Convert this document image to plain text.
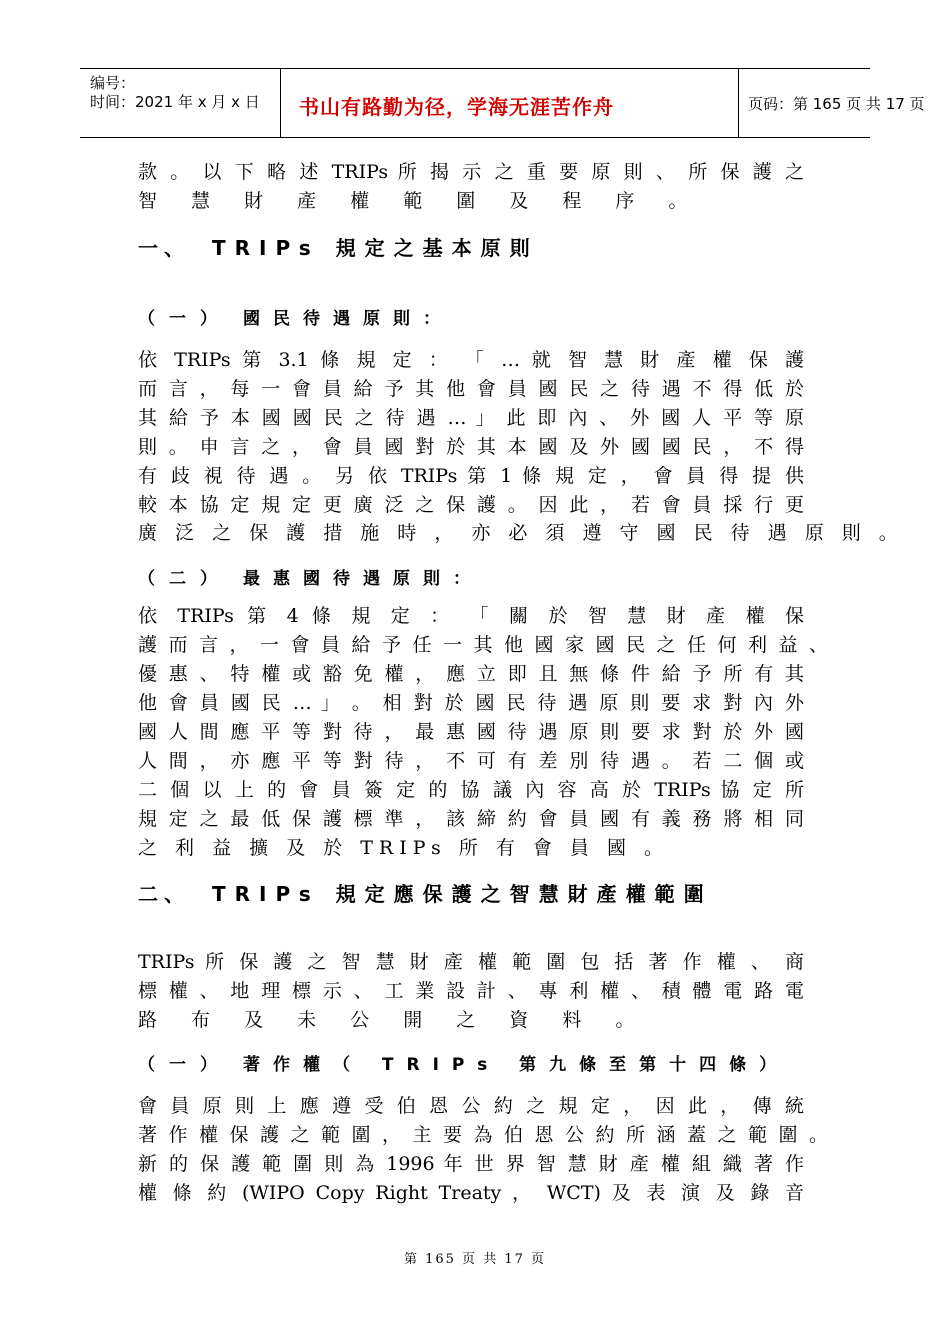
编号：
时间：2021 年 x 月 x 日 书山有路勤为径，学海无涯苦作舟	页码：第 165 页 共 17 页
款 。 以 下 略 述 TRIPs 所 揭 示 之 重 要 原 則 、 所 保 護 之
智 慧 財 產 權 範 圍 及 程 序 。
一、 TRIPs 規定之基本原則
（一） 國民待遇原則：
依 TRIPs 第 3.1 條 規 定 ： 「 … 就 智 慧 財 產 權 保 護
而 言 ， 每 一 會 員 給 予 其 他 會 員 國 民 之 待 遇 不 得 低 於
其 給 予 本 國 國 民 之 待 遇 … 」 此 即 內 、 外 國 人 平 等 原
則 。 申 言 之 ， 會 員 國 對 於 其 本 國 及 外 國 國 民 ， 不 得
有 歧 視 待 遇 。 另 依 TRIPs 第 1 條 規 定 ， 會 員 得 提 供
較 本 協 定 規 定 更 廣 泛 之 保 護 。 因 此 ， 若 會 員 採 行 更
廣 泛 之 保 護 措 施 時 ， 亦 必 須 遵 守 國 民 待 遇 原 則 。
（二） 最惠國待遇原則：
依 TRIPs 第 4 條 規 定 ： 「 關 於 智 慧 財 產 權 保
護 而 言 ， 一 會 員 給 予 任 一 其 他 國 家 國 民 之 任 何 利 益 、
優 惠 、 特 權 或 豁 免 權 ， 應 立 即 且 無 條 件 給 予 所 有 其
他 會 員 國 民 … 」 。 相 對 於 國 民 待 遇 原 則 要 求 對 內 外
國 人 間 應 平 等 對 待 ， 最 惠 國 待 遇 原 則 要 求 對 於 外 國
人 間 ， 亦 應 平 等 對 待 ， 不 可 有 差 別 待 遇 。 若 二 個 或
二 個 以 上 的 會 員 簽 定 的 協 議 內 容 高 於 TRIPs 協 定 所
規 定 之 最 低 保 護 標 準 ， 該 締 約 會 員 國 有 義 務 將 相 同
之 利 益 擴 及 於 TRIPs 所 有 會 員 國 。
二、 TRIPs 規定應保護之智慧財產權範圍
TRIPs 所 保 護 之 智 慧 財 產 權 範 圍 包 括 著 作 權 、 商
標 權 、 地 理 標 示 、 工 業 設 計 、 專 利 權 、 積 體 電 路 電
路 布 及 未 公 開 之 資 料 。
（一） 著作權（ TRIPs 第九條至第十四條）
會 員 原 則 上 應 遵 受 伯 恩 公 約 之 規 定 ， 因 此 ， 傳 統
著 作 權 保 護 之 範 圍 ， 主 要 為 伯 恩 公 約 所 涵 蓋 之 範 圍 。
新 的 保 護 範 圍 則 為 1996 年 世 界 智 慧 財 產 權 組 織 著 作
權 條 約 (WIPO Copy Right Treaty ， WCT) 及 表 演 及 錄 音
第 165 页 共 17 页
